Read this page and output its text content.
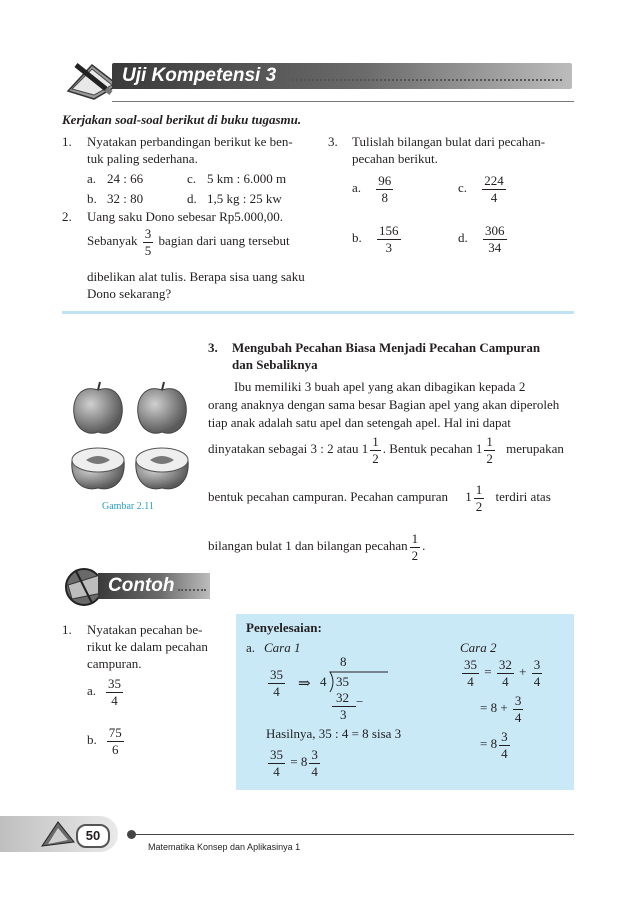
Uji Kompetensi 3

Kerjakan soal-soal berikut di buku tugasmu.

1. Nyatakan perbandingan berikut ke ben-

tuk paling sederhana.

a. 24 : 66	c. 5 km : 6.000 m
b. 32 : 80	d. 1,5 kg : 25 kw
2. Uang saku Dono sebesar Rp5.000,00.

Sebanyak $\frac{3}{5}$ bagian dari uang tersebut

dibelikan alat tulis. Berapa sisa uang saku

Dono sekarang?

3. Tulislah bilangan bulat dari pecahan-

pecahan berikut.

a. $\frac{96}{8}$	c. $\frac{224}{4}$
b. $\frac{156}{3}$	d. $\frac{306}{34}$
3. Mengubah Pecahan Biasa Menjadi Pecahan Campuran

dan Sebaliknya

Ibu memiliki 3 buah apel yang akan dibagikan kepada 2

orang anaknya dengan sama besar Bagian apel yang akan diperoleh

tiap anak adalah satu apel dan setengah apel. Hal ini dapat

dinyatakan sebagai 3 : 2 atau $1 \frac{1}{2}$ . Bentuk pecahan $1 \frac{1}{2}$ merupakan
bentuk pecahan campuran. Pecahan campuran $1 \frac{1}{2}$ terdiri atas
bilangan bulat 1 dan bilangan pecahan $\frac{1}{2}$ .

Gambar 2.11

Contoh
1. Nyatakan pecahan be-

rikut ke dalam pecahan

campuran.

a. $\frac{35}{4}$
b. $\frac{75}{6}$

Penyelesaian:

a. Cara 1	Cara 2
$\frac{35}{4}$ ⇒ 4
8
35
32 −
3

Hasilnya, 35 : 4 = 8 sisa 3

$\frac{35}{4} = 8 \frac{3}{4}$
$\frac{35}{4} = \frac{32}{4} + \frac{3}{4}$
= $8 + \frac{3}{4}$
= $8 \frac{3}{4}$
50

Matematika Konsep dan Aplikasinya 1
